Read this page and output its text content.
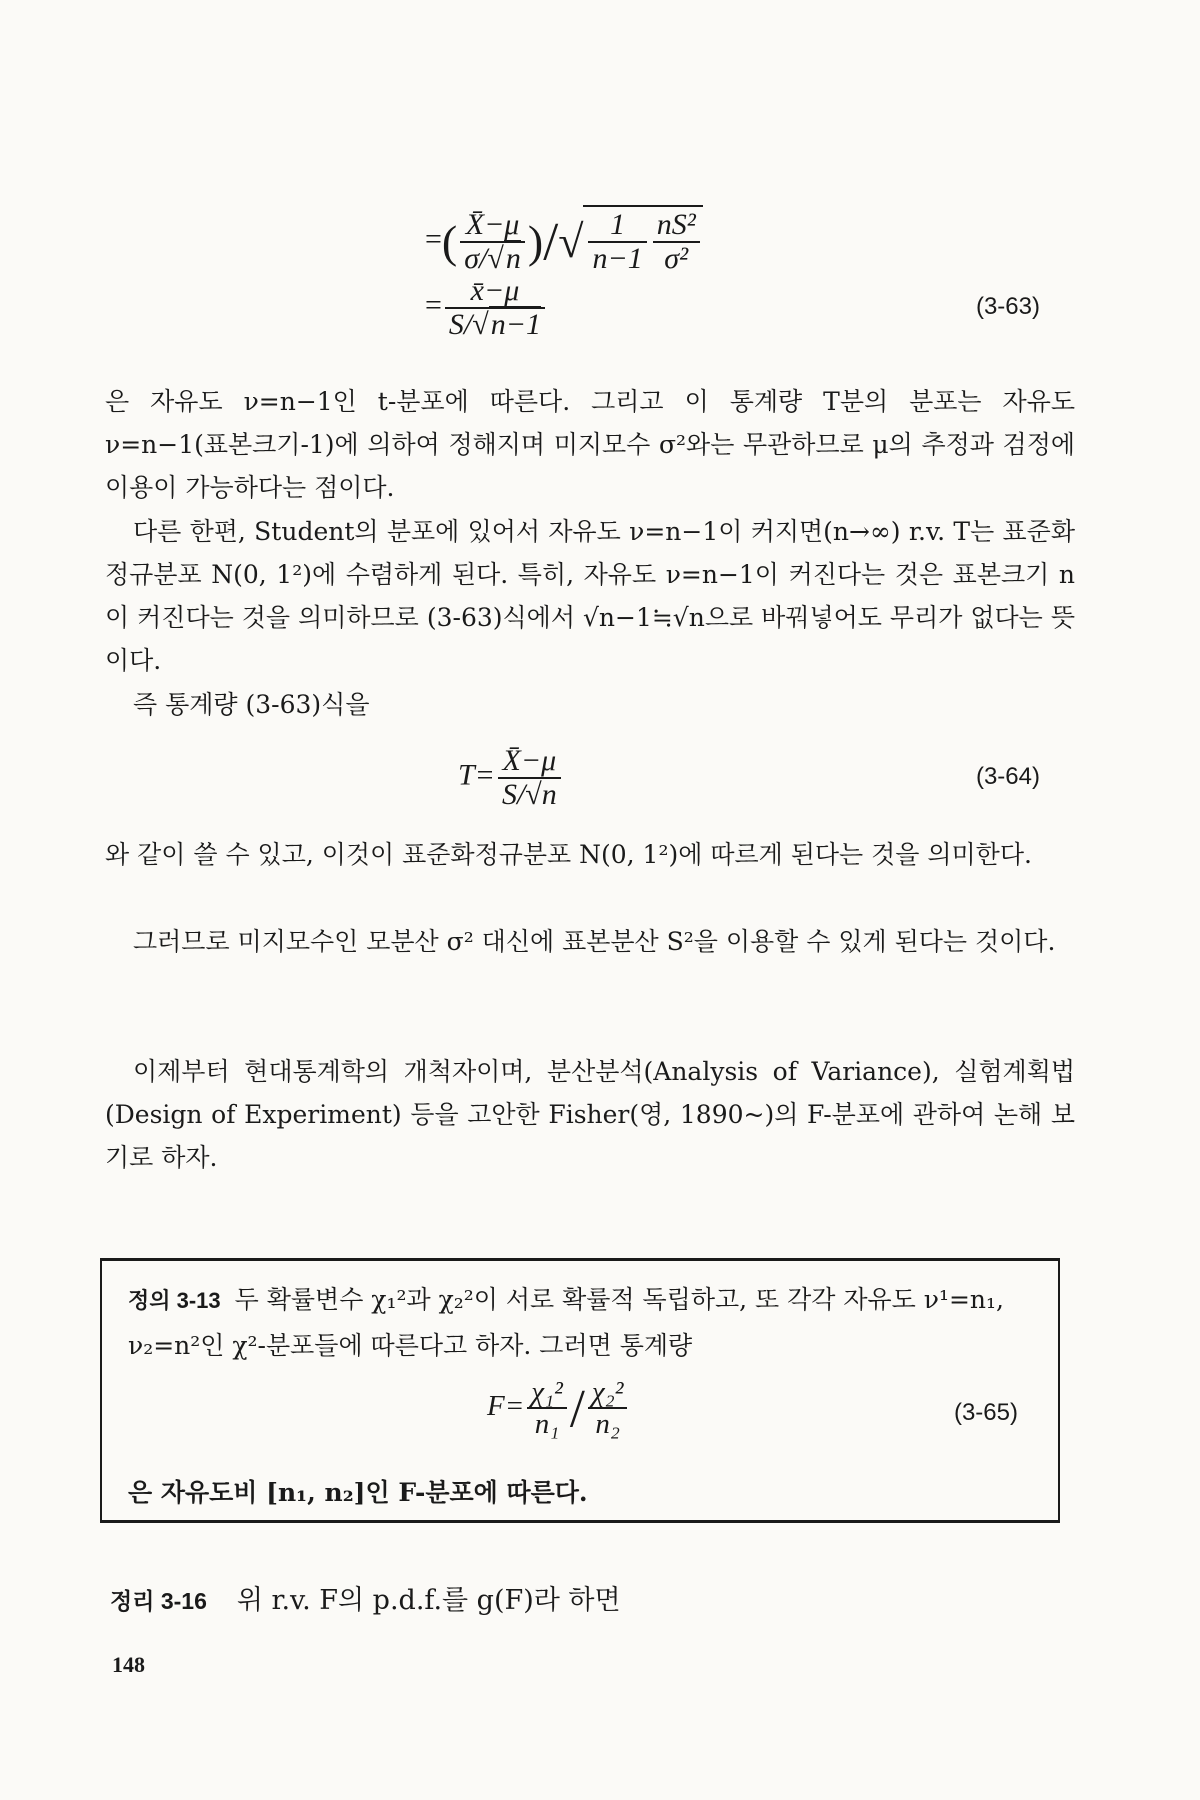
=( $\frac{X̄-\mu}{\sigma/√n}$ )/√ $\frac{1}{n-1} \frac{\text{nS²}}{\text{σ²}}$
= $\frac{x̄-\mu}{S/√n-1}$	(3-63)

은 자유도 ν=n−1인 t-분포에 따른다. 그리고 이 통계량 T분의 분포는 자유도 ν=n−1(표본크기-1)에 의하여 정해지며 미지모수 σ²와는 무관하므로 μ의 추정과 검정에 이용이 가능하다는 점이다.

다른 한편, Student의 분포에 있어서 자유도 ν=n−1이 커지면(n→∞) r.v. T는 표준화정규분포 N(0, 1²)에 수렴하게 된다. 특히, 자유도 ν=n−1이 커진다는 것은 표본크기 n이 커진다는 것을 의미하므로 (3-63)식에서 √n−1≒√n으로 바꿔넣어도 무리가 없다는 뜻이다.

즉 통계량 (3-63)식을

$T= \frac{X̄-\mu}{S/√n}$	(3-64)

와 같이 쓸 수 있고, 이것이 표준화정규분포 N(0, 1²)에 따르게 된다는 것을 의미한다.

그러므로 미지모수인 모분산 σ² 대신에 표본분산 S²을 이용할 수 있게 된다는 것이다.

이제부터 현대통계학의 개척자이며, 분산분석(Analysis of Variance), 실험계획법(Design of Experiment) 등을 고안한 Fisher(영, 1890~)의 F-분포에 관하여 논해 보기로 하자.

정의 3-13 두 확률변수 χ₁²과 χ₂²이 서로 확률적 독립하고, 또 각각 자유도 ν¹=n₁, ν₂=n²인 χ²-분포들에 따른다고 하자. 그러면 통계량
$F= \frac{\text{χ₁²}}{\text{n₁}} / \frac{\text{χ₂²}}{\text{n₂}}$	(3-65)
은 자유도비 [n₁, n₂]인 F-분포에 따른다.
정리 3-16 위 r.v. F의 p.d.f.를 g(F)라 하면
148
